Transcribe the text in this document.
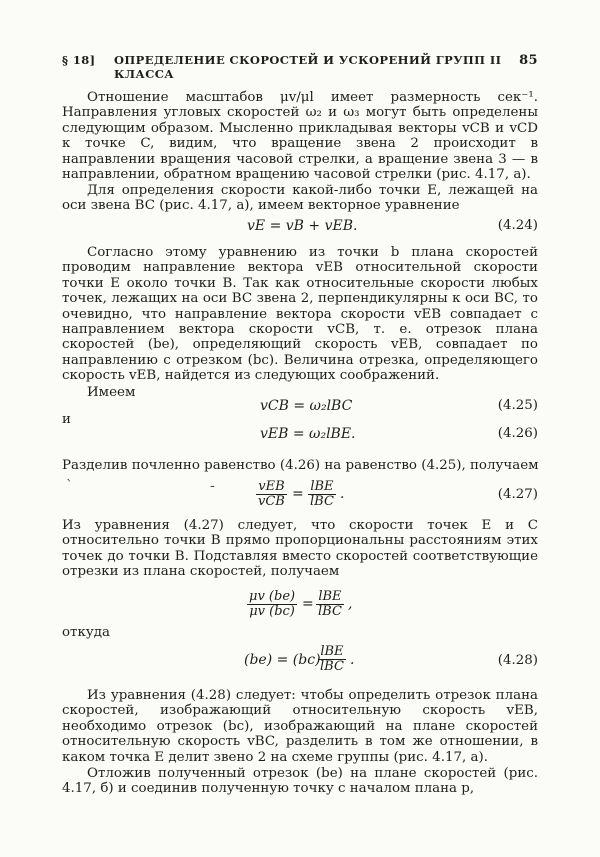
§ 18] ОПРЕДЕЛЕНИЕ СКОРОСТЕЙ И УСКОРЕНИЙ ГРУПП II КЛАССА
85
Отношение масштабов μv/μl имеет размерность сек⁻¹. Направления угловых скоростей ω₂ и ω₃ могут быть определены следующим образом. Мысленно прикладывая векторы vCB и vCD к точке C, видим, что вращение звена 2 происходит в направлении вращения часовой стрелки, а вращение звена 3 — в направлении, обратном вращению часовой стрелки (рис. 4.17, а).
Для определения скорости какой-либо точки E, лежащей на оси звена BC (рис. 4.17, а), имеем векторное уравнение
vE = vB + vEB.	(4.24)
Согласно этому уравнению из точки b плана скоростей проводим направление вектора vEB относительной скорости точки E около точки B. Так как относительные скорости любых точек, лежащих на оси BC звена 2, перпендикулярны к оси BC, то очевидно, что направление вектора скорости vEB совпадает с направлением вектора скорости vCB, т. е. отрезок плана скоростей (be), определяющий скорость vEB, совпадает по направлению с отрезком (bc). Величина отрезка, определяющего скорость vEB, найдется из следующих соображений.
Имеем
vCB = ω₂lBC	(4.25)
и
vEB = ω₂lBE.	(4.26)
Разделив почленно равенство (4.26) на равенство (4.25), получаем
`	-	vEB
vCB = lBE
lBC .	(4.27)
Из уравнения (4.27) следует, что скорости точек E и C относительно точки B прямо пропорциональны расстояниям этих точек до точки B. Подставляя вместо скоростей соответствующие отрезки из плана скоростей, получаем
$\frac{\mu v (be)}{\mu v (bc)}$ = lBE
lBC ,
откуда
(be) = (bc)
lBE
lBC .	(4.28)
Из уравнения (4.28) следует: чтобы определить отрезок плана скоростей, изображающий относительную скорость vEB, необходимо отрезок (bc), изображающий на плане скоростей относительную скорость vBC, разделить в том же отношении, в каком точка E делит звено 2 на схеме группы (рис. 4.17, а).
Отложив полученный отрезок (be) на плане скоростей (рис. 4.17, б) и соединив полученную точку с началом плана p,
